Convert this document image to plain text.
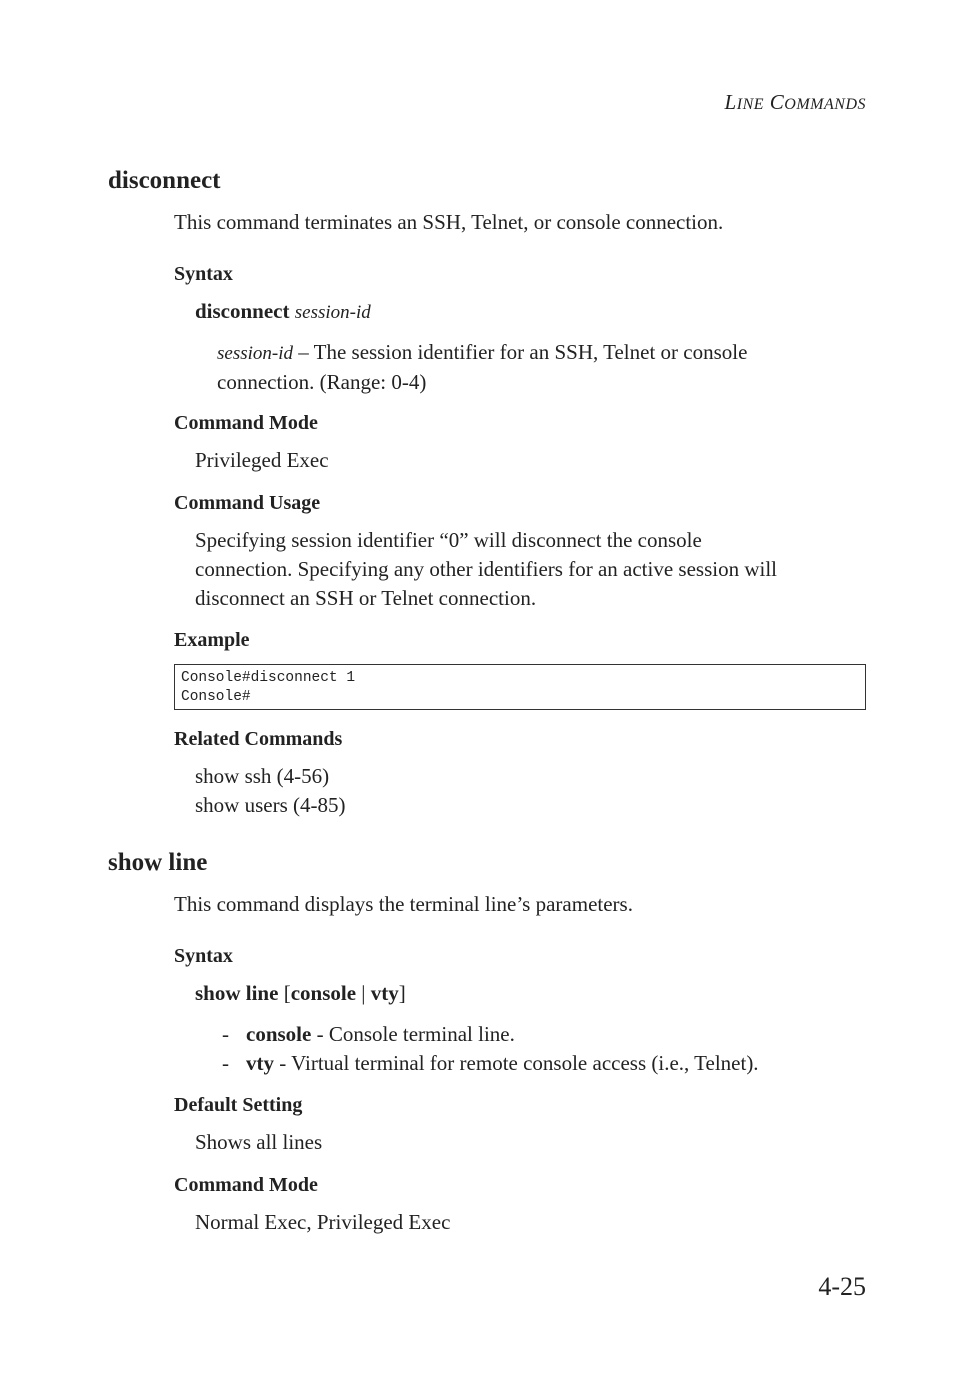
LINE COMMANDS
disconnect
This command terminates an SSH, Telnet, or console connection.
Syntax
disconnect session-id
session-id – The session identifier for an SSH, Telnet or console
connection. (Range: 0-4)
Command Mode
Privileged Exec
Command Usage
Specifying session identifier “0” will disconnect the console
connection. Specifying any other identifiers for an active session will
disconnect an SSH or Telnet connection.
Example
Console#disconnect 1
Console#
Related Commands
show ssh (4-56)
show users (4-85)
show line
This command displays the terminal line’s parameters.
Syntax
show line [console | vty]
- console - Console terminal line.
- vty - Virtual terminal for remote console access (i.e., Telnet).
Default Setting
Shows all lines
Command Mode
Normal Exec, Privileged Exec
4-25
